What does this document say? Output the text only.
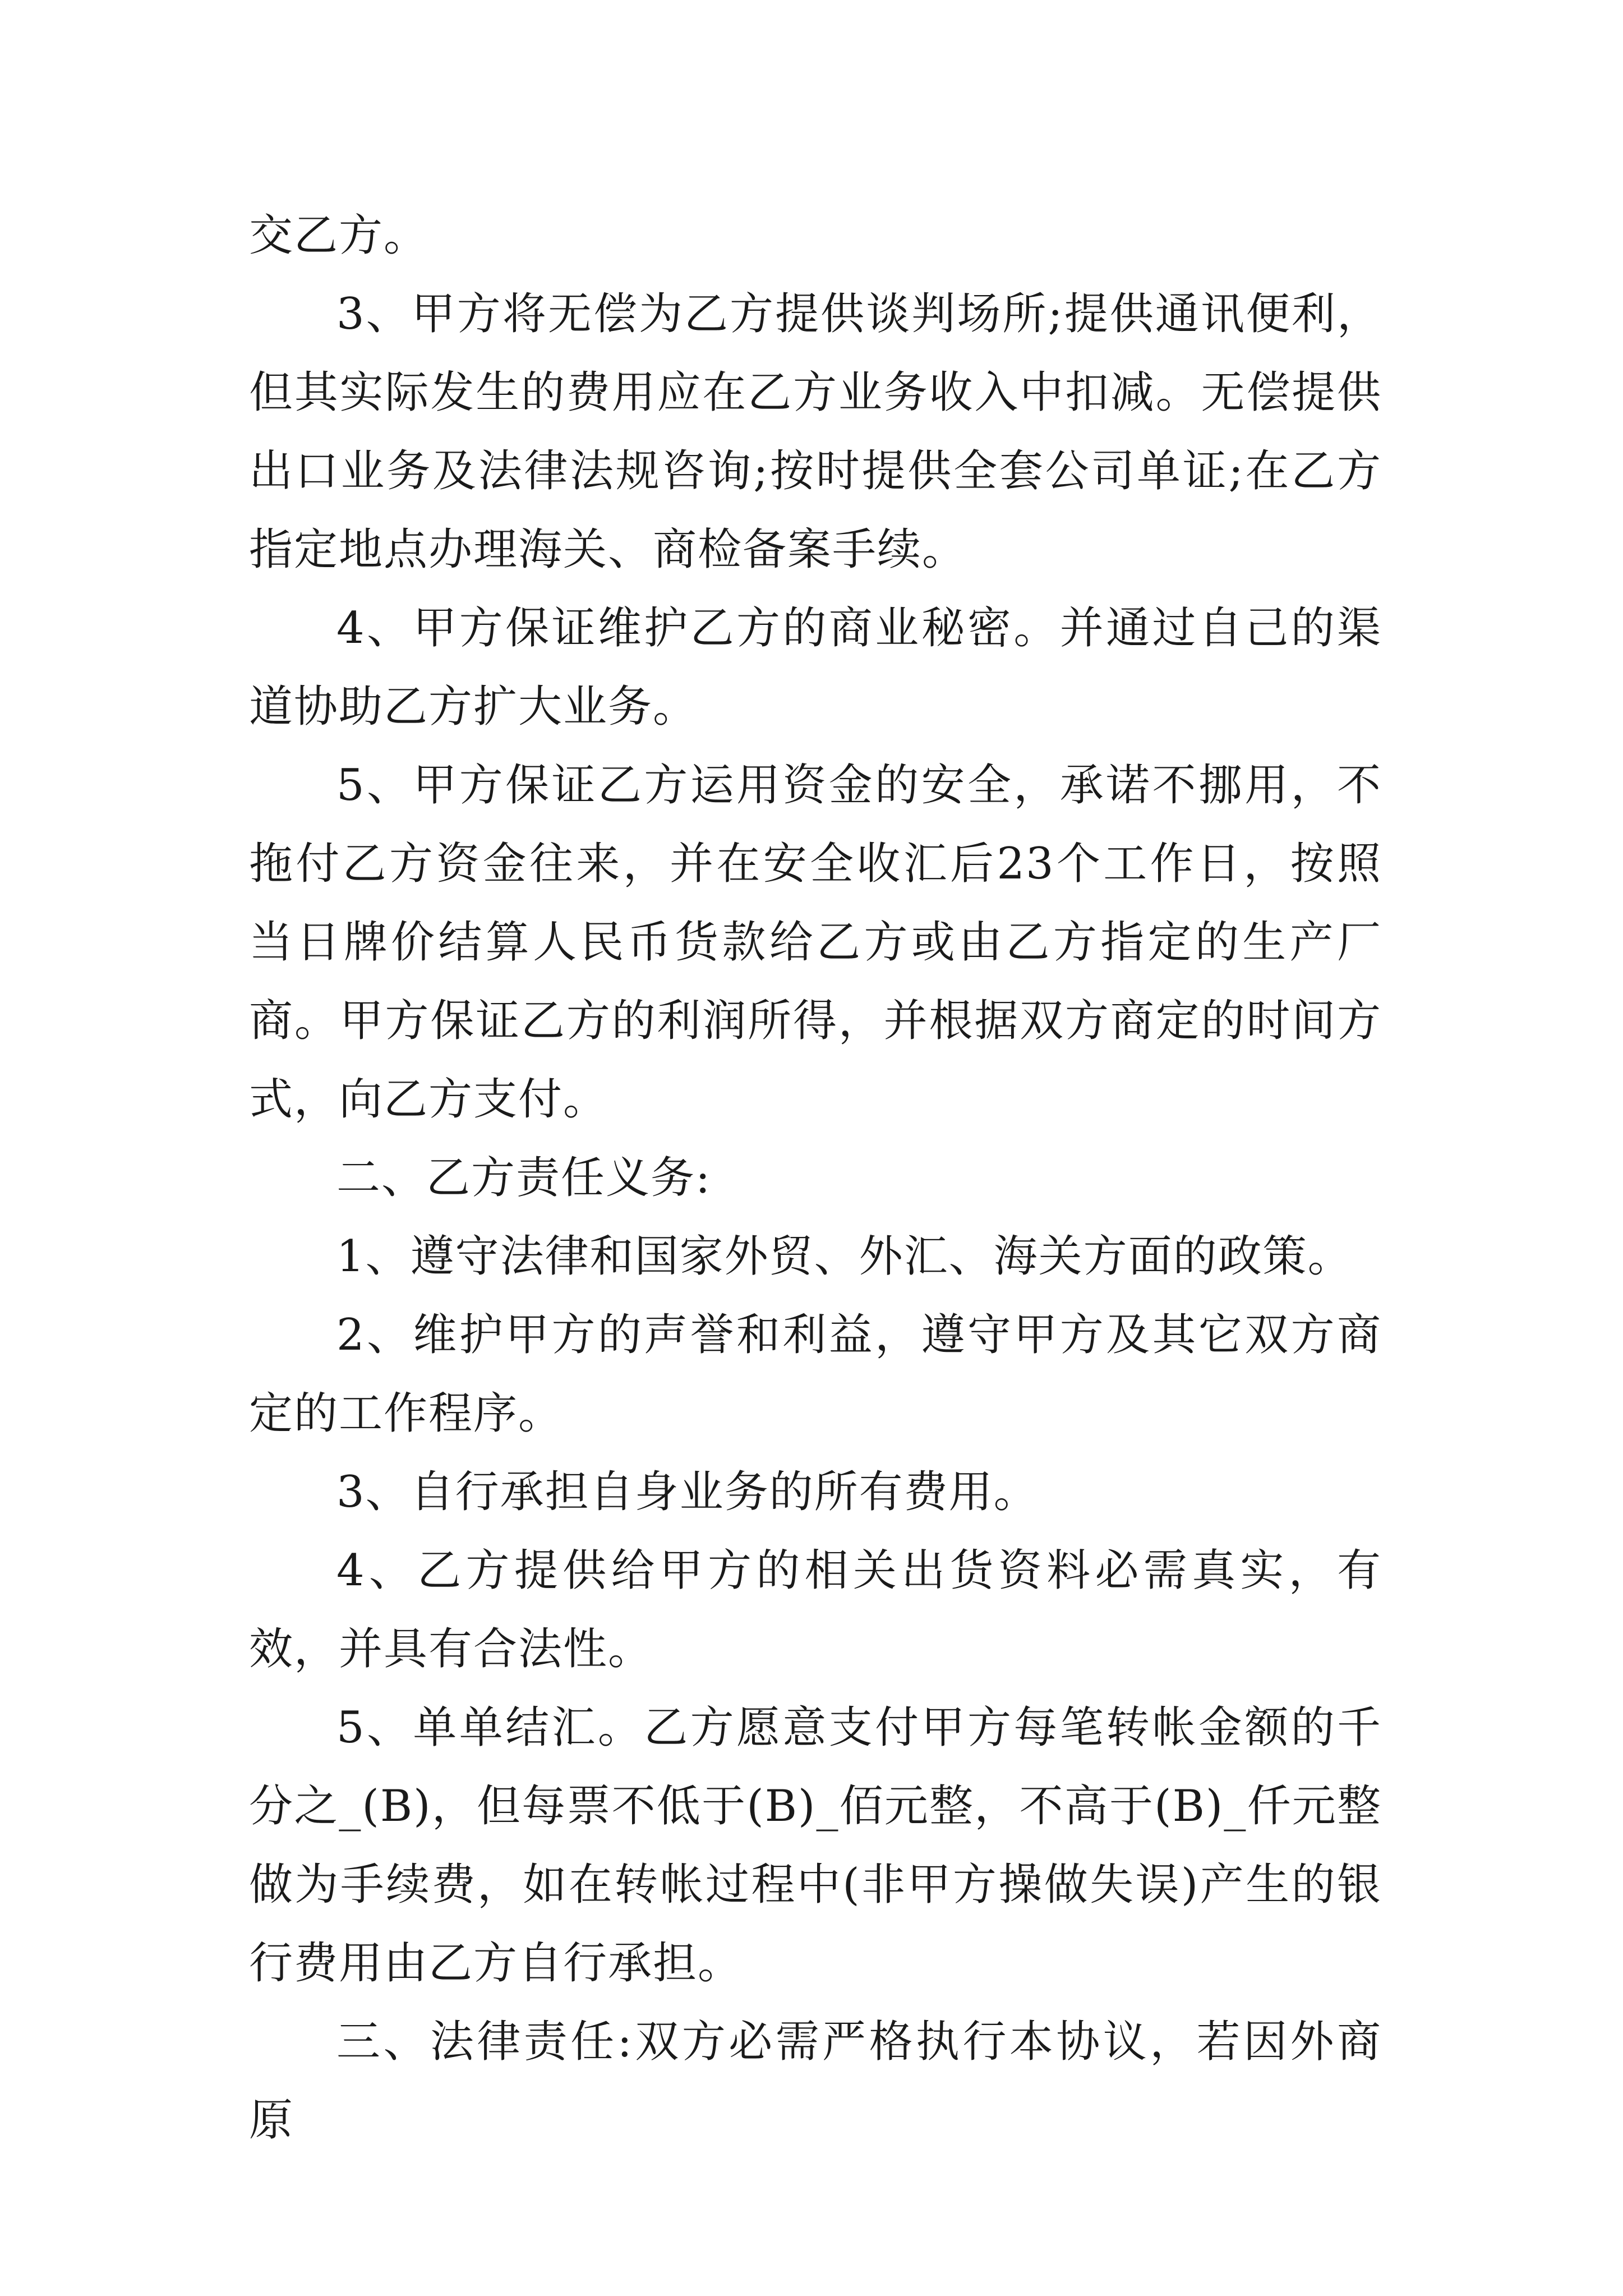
交乙方。

3、甲方将无偿为乙方提供谈判场所;提供通讯便利，但其实际发生的费用应在乙方业务收入中扣减。无偿提供出口业务及法律法规咨询;按时提供全套公司单证;在乙方指定地点办理海关、商检备案手续。

4、甲方保证维护乙方的商业秘密。并通过自己的渠道协助乙方扩大业务。

5、甲方保证乙方运用资金的安全，承诺不挪用，不拖付乙方资金往来，并在安全收汇后23个工作日，按照当日牌价结算人民币货款给乙方或由乙方指定的生产厂商。甲方保证乙方的利润所得，并根据双方商定的时间方式，向乙方支付。

二、乙方责任义务:

1、遵守法律和国家外贸、外汇、海关方面的政策。

2、维护甲方的声誉和利益，遵守甲方及其它双方商定的工作程序。

3、自行承担自身业务的所有费用。

4、乙方提供给甲方的相关出货资料必需真实，有效，并具有合法性。

5、单单结汇。乙方愿意支付甲方每笔转帐金额的千分之_(B)，但每票不低于(B)_佰元整，不高于(B)_仟元整做为手续费，如在转帐过程中(非甲方操做失误)产生的银行费用由乙方自行承担。

三、法律责任:双方必需严格执行本协议，若因外商原
